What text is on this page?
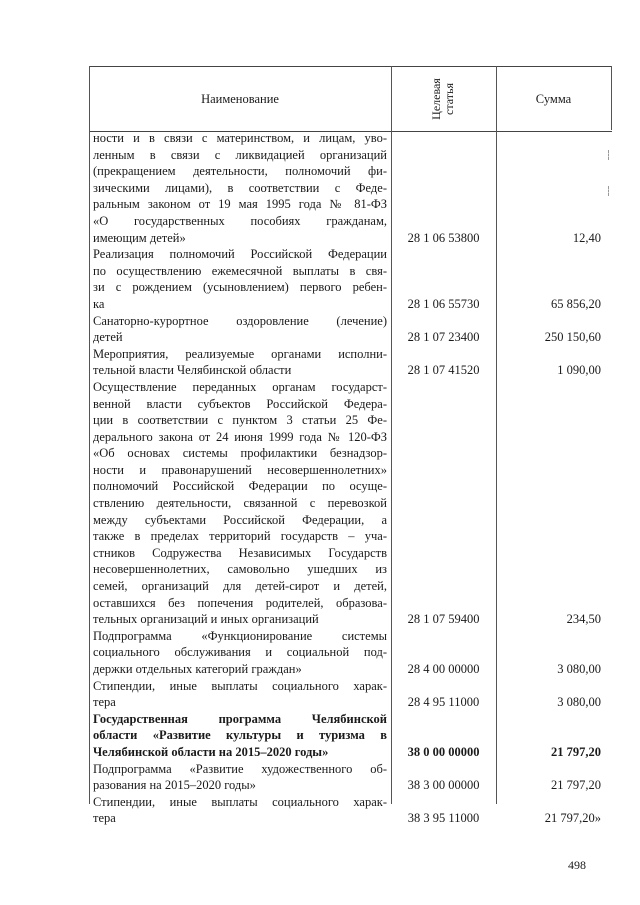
Наименование	Целевая статья	Сумма
ности и в связи с материнством, и лицам, уво-
ленным в связи с ликвидацией организаций
(прекращением деятельности, полномочий фи-
зическими лицами), в соответствии с Феде-
ральным законом от 19 мая 1995 года № 81-ФЗ
«О государственных пособиях гражданам,
имеющим детей»	28 1 06 53800	12,40
Реализация полномочий Российской Федерации
по осуществлению ежемесячной выплаты в свя-
зи с рождением (усыновлением) первого ребен-
ка	28 1 06 55730	65 856,20
Санаторно-курортное оздоровление (лечение)
детей	28 1 07 23400	250 150,60
Мероприятия, реализуемые органами исполни-
тельной власти Челябинской области	28 1 07 41520	1 090,00
Осуществление переданных органам государст-
венной власти субъектов Российской Федера-
ции в соответствии с пунктом 3 статьи 25 Фе-
дерального закона от 24 июня 1999 года № 120-ФЗ
«Об основах системы профилактики безнадзор-
ности и правонарушений несовершеннолетних»
полномочий Российской Федерации по осуще-
ствлению деятельности, связанной с перевозкой
между субъектами Российской Федерации, а
также в пределах территорий государств – уча-
стников Содружества Независимых Государств
несовершеннолетних, самовольно ушедших из
семей, организаций для детей-сирот и детей,
оставшихся без попечения родителей, образова-
тельных организаций и иных организаций	28 1 07 59400	234,50
Подпрограмма «Функционирование системы
социального обслуживания и социальной под-
держки отдельных категорий граждан»	28 4 00 00000	3 080,00
Стипендии, иные выплаты социального харак-
тера	28 4 95 11000	3 080,00
Государственная программа Челябинской
области «Развитие культуры и туризма в
Челябинской области на 2015–2020 годы»	38 0 00 00000	21 797,20
Подпрограмма «Развитие художественного об-
разования на 2015–2020 годы»	38 3 00 00000	21 797,20
Стипендии, иные выплаты социального харак-
тера	38 3 95 11000	21 797,20»
498
